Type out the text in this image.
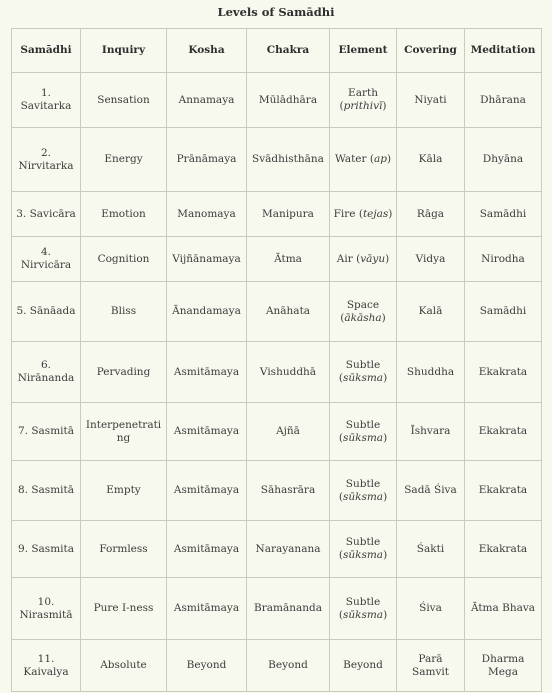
Levels of Samādhi
Samādhi	Inquiry	Kosha	Chakra	Element	Covering	Meditation
1. Savitarka	Sensation	Annamaya	Mūlādhāra	Earth (prithivī)	Niyati	Dhārana
2. Nirvitarka	Energy	Prānāmaya	Svādhisthāna	Water (ap)	Kāla	Dhyāna
3. Savicāra	Emotion	Manomaya	Manipura	Fire (tejas)	Rāga	Samādhi
4. Nirvicāra	Cognition	Vijñānamaya	Ātma	Air (vāyu)	Vidya	Nirodha
5. Sānāada	Bliss	Ānandamaya	Anāhata	Space (ākāsha)	Kalā	Samādhi
6. Nirānanda	Pervading	Asmitāmaya	Vishuddhā	Subtle (sūksma)	Shuddha	Ekakrata
7. Sasmitā	Interpenetrating	Asmitāmaya	Ajñā	Subtle (sūksma)	Īshvara	Ekakrata
8. Sasmitā	Empty	Asmitāmaya	Sāhasrāra	Subtle (sūksma)	Sadā Śiva	Ekakrata
9. Sasmita	Formless	Asmitāmaya	Narayanana	Subtle (sūksma)	Śakti	Ekakrata
10. Nirasmitā	Pure I-ness	Asmitāmaya	Bramānanda	Subtle (sūksma)	Śiva	Ātma Bhava
11. Kaivalya	Absolute	Beyond	Beyond	Beyond	Parā Samvit	Dharma Mega
